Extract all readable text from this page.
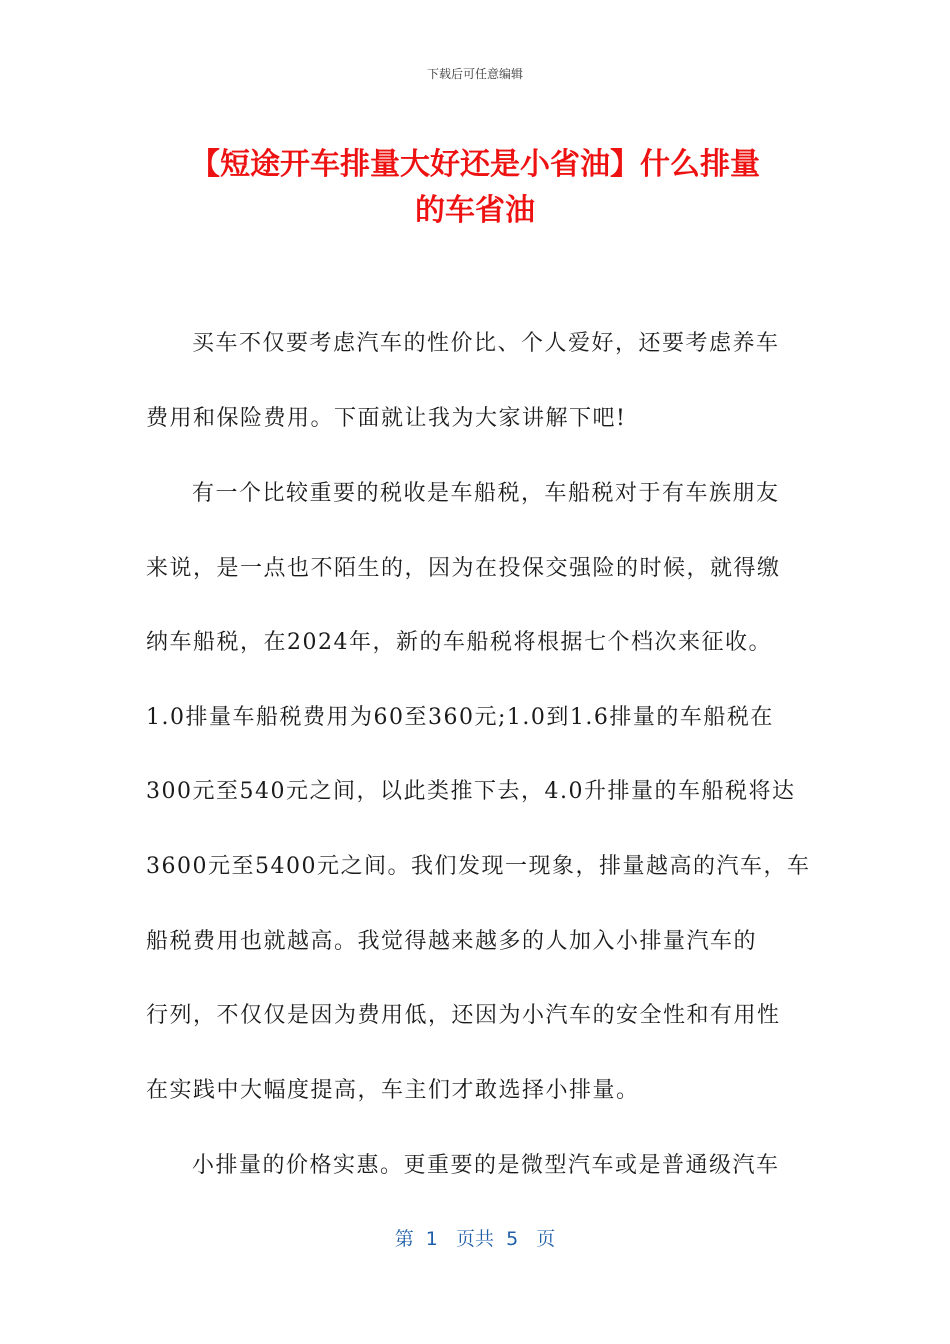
下载后可任意编辑
【短途开车排量大好还是小省油】什么排量
的车省油
买车不仅要考虑汽车的性价比、个人爱好，还要考虑养车
费用和保险费用。下面就让我为大家讲解下吧!
有一个比较重要的税收是车船税，车船税对于有车族朋友
来说，是一点也不陌生的，因为在投保交强险的时候，就得缴
纳车船税，在2024年，新的车船税将根据七个档次来征收。
1.0排量车船税费用为60至360元;1.0到1.6排量的车船税在
300元至540元之间，以此类推下去，4.0升排量的车船税将达
3600元至5400元之间。我们发现一现象，排量越高的汽车，车
船税费用也就越高。我觉得越来越多的人加入小排量汽车的
行列，不仅仅是因为费用低，还因为小汽车的安全性和有用性
在实践中大幅度提高，车主们才敢选择小排量。
小排量的价格实惠。更重要的是微型汽车或是普通级汽车
第  1   页共  5   页
